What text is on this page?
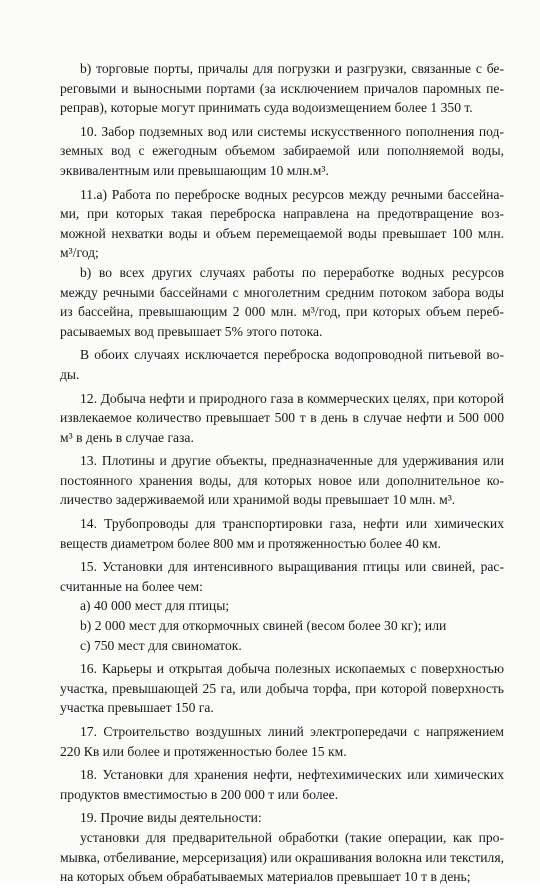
b) торговые порты, причалы для погрузки и разгрузки, связанные с береговыми и выносными портами (за исключением причалов паромных переправ), которые могут принимать суда водоизмещением более 1 350 т.

10. Забор подземных вод или системы искусственного пополнения подземных вод с ежегодным объемом забираемой или пополняемой воды, эквивалентным или превышающим 10 млн.м³.

11.a) Работа по переброске водных ресурсов между речными бассейнами, при которых такая переброска направлена на предотвращение возможной нехватки воды и объем перемещаемой воды превышает 100 млн. м³/год;

b) во всех других случаях работы по переработке водных ресурсов между речными бассейнами с многолетним средним потоком забора воды из бассейна, превышающим 2 000 млн. м³/год, при которых объем перебрасываемых вод превышает 5% этого потока.

В обоих случаях исключается переброска водопроводной питьевой воды.

12. Добыча нефти и природного газа в коммерческих целях, при которой извлекаемое количество превышает 500 т в день в случае нефти и 500 000 м³ в день в случае газа.

13. Плотины и другие объекты, предназначенные для удерживания или постоянного хранения воды, для которых новое или дополнительное количество задерживаемой или хранимой воды превышает 10 млн. м³.

14. Трубопроводы для транспортировки газа, нефти или химических веществ диаметром более 800 мм и протяженностью более 40 км.

15. Установки для интенсивного выращивания птицы или свиней, рассчитанные на более чем:

a) 40 000 мест для птицы;

b) 2 000 мест для откормочных свиней (весом более 30 кг); или

c) 750 мест для свиноматок.

16. Карьеры и открытая добыча полезных ископаемых с поверхностью участка, превышающей 25 га, или добыча торфа, при которой поверхность участка превышает 150 га.

17. Строительство воздушных линий электропередачи с напряжением 220 Кв или более и протяженностью более 15 км.

18. Установки для хранения нефти, нефтехимических или химических продуктов вместимостью в 200 000 т или более.

19. Прочие виды деятельности:

установки для предварительной обработки (такие операции, как промывка, отбеливание, мерсеризация) или окрашивания волокна или текстиля, на которых объем обрабатываемых материалов превышает 10 т в день;
